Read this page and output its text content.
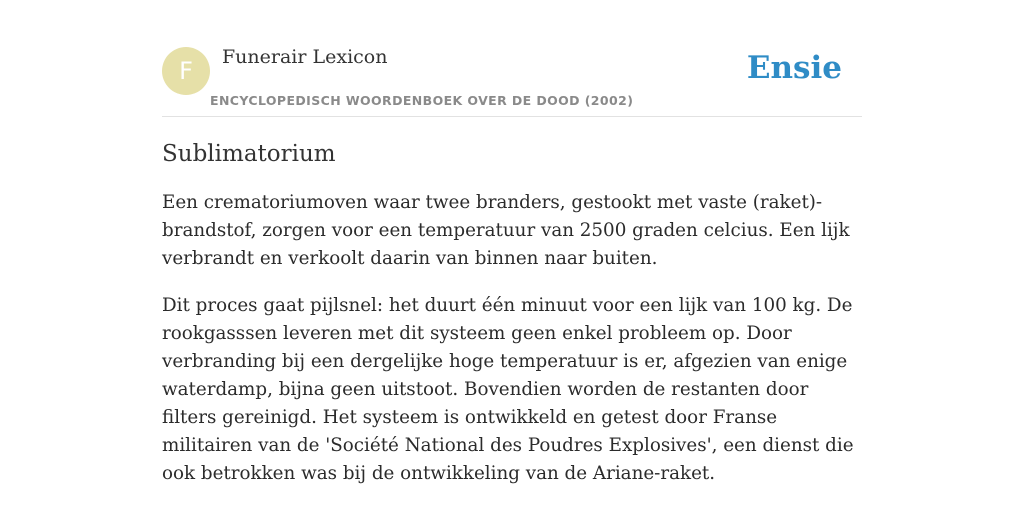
F	Funerair Lexicon
ENCYCLOPEDISCH WOORDENBOEK OVER DE DOOD (2002)
Ensie
Sublimatorium

Een crematoriumoven waar twee branders, gestookt met vaste (raket)-brandstof, zorgen voor een temperatuur van 2500 graden celcius. Een lijk verbrandt en verkoolt daarin van binnen naar buiten.

Dit proces gaat pijlsnel: het duurt één minuut voor een lijk van 100 kg. De rookgasssen leveren met dit systeem geen enkel probleem op. Door verbranding bij een dergelijke hoge temperatuur is er, afgezien van enige waterdamp, bijna geen uitstoot. Bovendien worden de restanten door filters gereinigd. Het systeem is ontwikkeld en getest door Franse militairen van de 'Société National des Poudres Explosives', een dienst die ook betrokken was bij de ontwikkeling van de Ariane-raket.
